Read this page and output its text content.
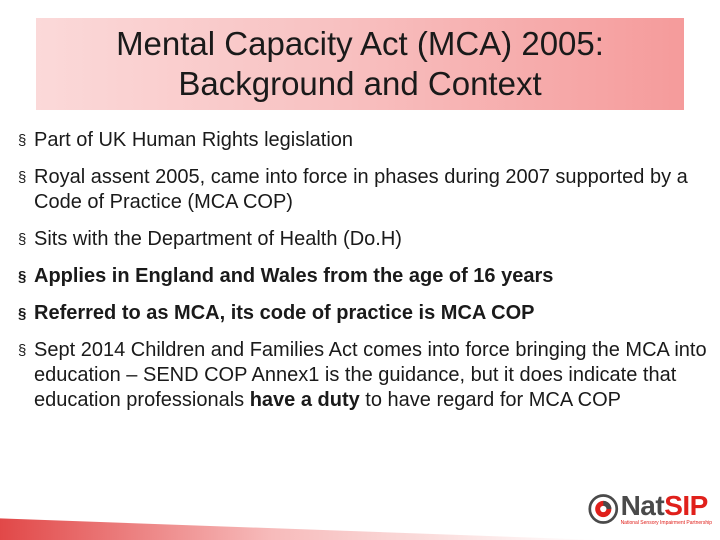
Mental Capacity Act (MCA) 2005:
Background and Context
§ Part of UK Human Rights legislation
§ Royal assent 2005, came into force in phases during 2007 supported by a Code of Practice (MCA COP)
§ Sits with the Department of Health (Do.H)
§ Applies in England and Wales from the age of 16 years
§ Referred to as MCA, its code of practice is MCA COP
§ Sept 2014 Children and Families Act comes into force bringing the MCA into education – SEND COP Annex1 is the guidance, but it does indicate that education professionals have a duty to have regard for MCA COP
NatSIP
National Sensory Impairment Partnership
